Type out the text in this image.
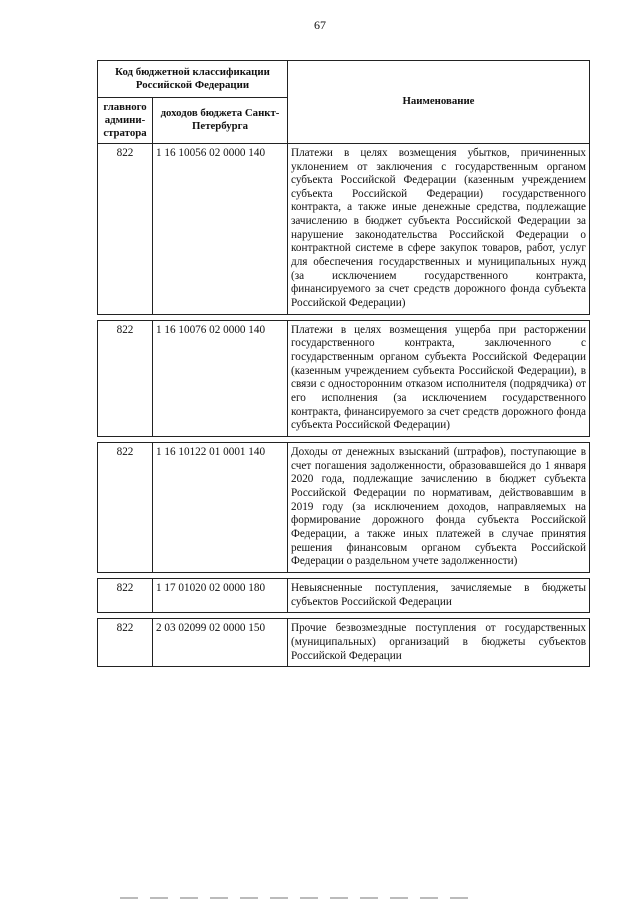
67
Код бюджетной классификации Российской Федерации		Наименование
главного админи-стратора	доходов бюджета Санкт-Петербурга	
822	1 16 10056 02 0000 140	Платежи в целях возмещения убытков, причиненных уклонением от заключения с государственным органом субъекта Российской Федерации (казенным учреждением субъекта Российской Федерации) государственного контракта, а также иные денежные средства, подлежащие зачислению в бюджет субъекта Российской Федерации за нарушение законодательства Российской Федерации о контрактной системе в сфере закупок товаров, работ, услуг для обеспечения государственных и муниципальных нужд (за исключением государственного контракта, финансируемого за счет средств дорожного фонда субъекта Российской Федерации)

822	1 16 10076 02 0000 140	Платежи в целях возмещения ущерба при расторжении государственного контракта, заключенного с государственным органом субъекта Российской Федерации (казенным учреждением субъекта Российской Федерации), в связи с односторонним отказом исполнителя (подрядчика) от его исполнения (за исключением государственного контракта, финансируемого за счет средств дорожного фонда субъекта Российской Федерации)

822	1 16 10122 01 0001 140	Доходы от денежных взысканий (штрафов), поступающие в счет погашения задолженности, образовавшейся до 1 января 2020 года, подлежащие зачислению в бюджет субъекта Российской Федерации по нормативам, действовавшим в 2019 году (за исключением доходов, направляемых на формирование дорожного фонда субъекта Российской Федерации, а также иных платежей в случае принятия решения финансовым органом субъекта Российской Федерации о раздельном учете задолженности)

822	1 17 01020 02 0000 180	Невыясненные поступления, зачисляемые в бюджеты субъектов Российской Федерации

822	2 03 02099 02 0000 150	Прочие безвозмездные поступления от государственных (муниципальных) организаций в бюджеты субъектов Российской Федерации
